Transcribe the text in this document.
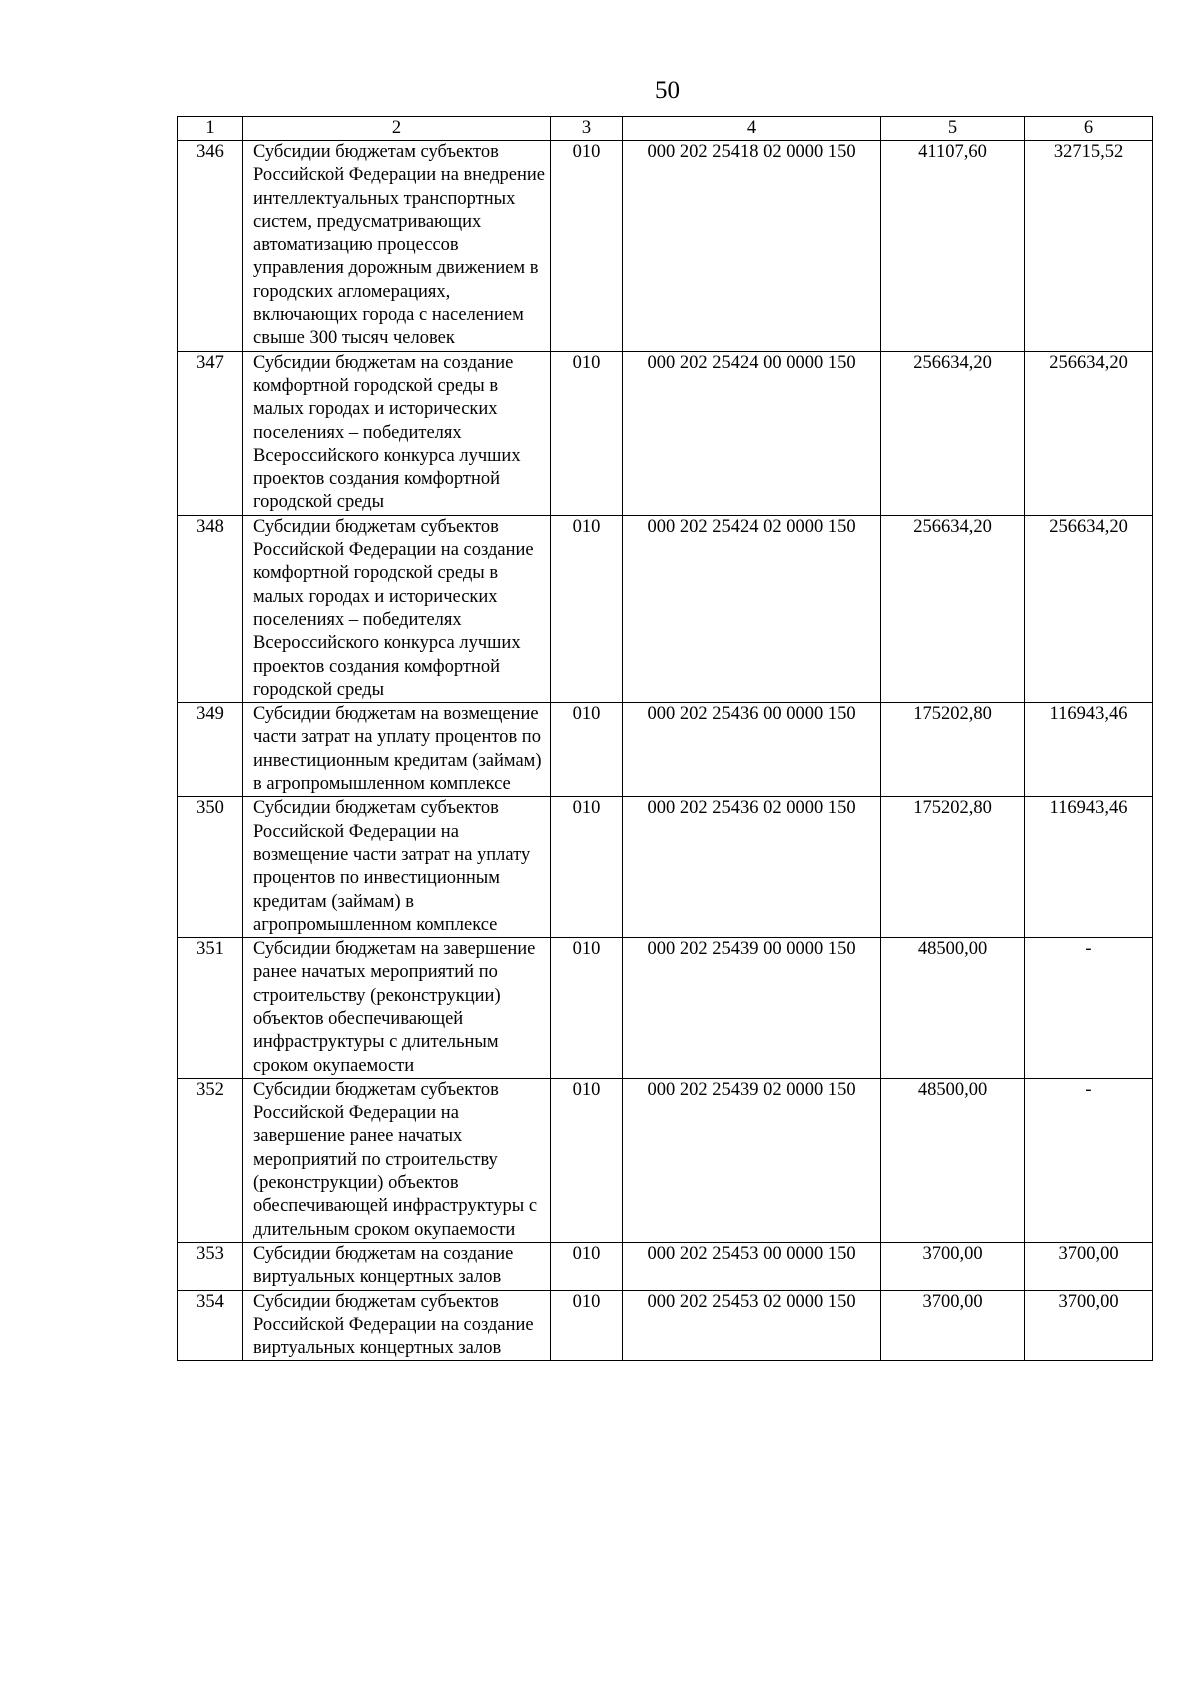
50
1	2	3	4	5	6
346	Субсидии бюджетам субъектов Российской Федерации на внедрение интеллектуальных транспортных систем, предусматривающих автоматизацию процессов управления дорожным движением в городских агломерациях, включающих города с населением свыше 300 тысяч человек	010	000 202 25418 02 0000 150	41107,60	32715,52
347	Субсидии бюджетам на создание комфортной городской среды в малых городах и исторических поселениях – победителях Всероссийского конкурса лучших проектов создания комфортной городской среды	010	000 202 25424 00 0000 150	256634,20	256634,20
348	Субсидии бюджетам субъектов Российской Федерации на создание комфортной городской среды в малых городах и исторических поселениях – победителях Всероссийского конкурса лучших проектов создания комфортной городской среды	010	000 202 25424 02 0000 150	256634,20	256634,20
349	Субсидии бюджетам на возмещение части затрат на уплату процентов по инвестиционным кредитам (займам) в агропромышленном комплексе	010	000 202 25436 00 0000 150	175202,80	116943,46
350	Субсидии бюджетам субъектов Российской Федерации на возмещение части затрат на уплату процентов по инвестиционным кредитам (займам) в агропромышленном комплексе	010	000 202 25436 02 0000 150	175202,80	116943,46
351	Субсидии бюджетам на завершение ранее начатых мероприятий по строительству (реконструкции) объектов обеспечивающей инфраструктуры с длительным сроком окупаемости	010	000 202 25439 00 0000 150	48500,00	-
352	Субсидии бюджетам субъектов Российской Федерации на завершение ранее начатых мероприятий по строительству (реконструкции) объектов обеспечивающей инфраструктуры с длительным сроком окупаемости	010	000 202 25439 02 0000 150	48500,00	-
353	Субсидии бюджетам на создание виртуальных концертных залов	010	000 202 25453 00 0000 150	3700,00	3700,00
354	Субсидии бюджетам субъектов Российской Федерации на создание виртуальных концертных залов	010	000 202 25453 02 0000 150	3700,00	3700,00
